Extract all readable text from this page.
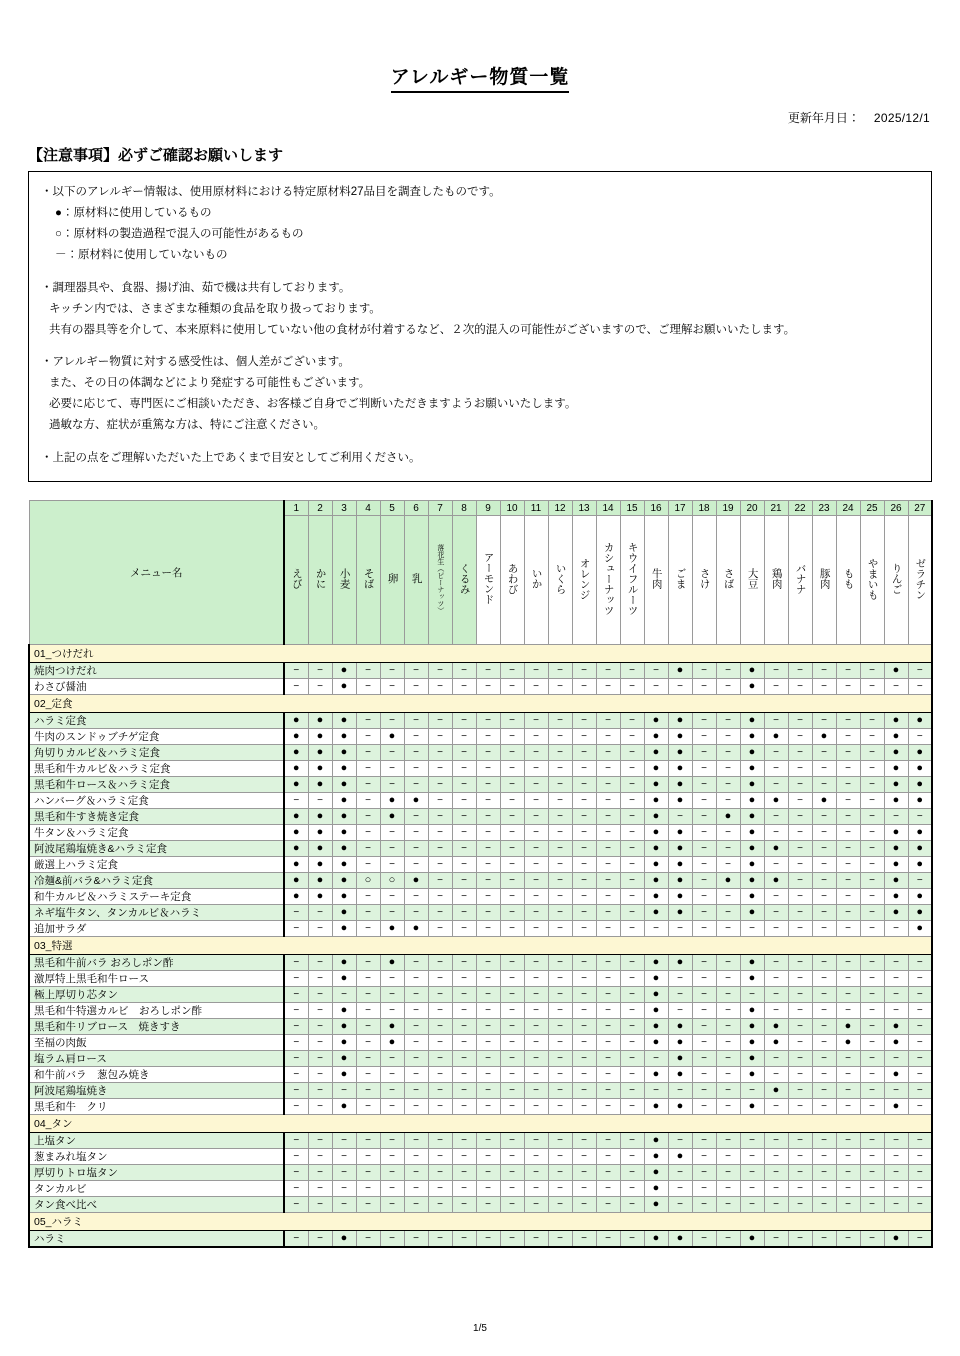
アレルギー物質一覧
更新年月日： 2025/12/1
【注意事項】必ずご確認お願いします
・以下のアレルギー情報は、使用原材料における特定原材料27品目を調査したものです。
●：原材料に使用しているもの
○：原材料の製造過程で混入の可能性があるもの
－：原材料に使用していないもの
・調理器具や、食器、揚げ油、茹で機は共有しております。
キッチン内では、さまざまな種類の食品を取り扱っております。
共有の器具等を介して、本来原料に使用していない他の食材が付着するなど、２次的混入の可能性がございますので、ご理解お願いいたします。
・アレルギー物質に対する感受性は、個人差がございます。
また、その日の体調などにより発症する可能性もございます。
必要に応じて、専門医にご相談いただき、お客様ご自身でご判断いただきますようお願いいたします。
過敏な方、症状が重篤な方は、特にご注意ください。
・上記の点をご理解いただいた上であくまで目安としてご利用ください。
メニュー名	1	2	3	4	5	6	7	8	9	10	11	12	13	14	15	16	17	18	19	20	21	22	23	24	25	26	27
	えび	かに	小麦	そば	卵	乳	落花生（ピーナッツ）	くるみ	アーモンド	あわび	いか	いくら	オレンジ	カシューナッツ	キウイフルーツ	牛肉	ごま	さけ	さば	大豆	鶏肉	バナナ	豚肉	もも	やまいも	りんご	ゼラチン
01_つけだれ																											
焼肉つけだれ	−	−	●	−	−	−	−	−	−	−	−	−	−	−	−	−	●	−	−	●	−	−	−	−	−	●	−
わさび醤油	−	−	●	−	−	−	−	−	−	−	−	−	−	−	−	−	−	−	−	●	−	−	−	−	−	−	−
02_定食																											
ハラミ定食	●	●	●	−	−	−	−	−	−	−	−	−	−	−	−	●	●	−	−	●	−	−	−	−	−	●	●
牛肉のスンドゥブチゲ定食	●	●	●	−	●	−	−	−	−	−	−	−	−	−	−	●	●	−	−	●	●	−	●	−	−	●	−
角切りカルビ＆ハラミ定食	●	●	●	−	−	−	−	−	−	−	−	−	−	−	−	●	●	−	−	●	−	−	−	−	−	●	●
黒毛和牛カルビ＆ハラミ定食	●	●	●	−	−	−	−	−	−	−	−	−	−	−	−	●	●	−	−	●	−	−	−	−	−	●	●
黒毛和牛ロース＆ハラミ定食	●	●	●	−	−	−	−	−	−	−	−	−	−	−	−	●	●	−	−	●	−	−	−	−	−	●	●
ハンバーグ＆ハラミ定食	−	−	●	−	●	●	−	−	−	−	−	−	−	−	−	●	●	−	−	●	●	−	●	−	−	●	●
黒毛和牛すき焼き定食	●	●	●	−	●	−	−	−	−	−	−	−	−	−	−	●	−	−	●	●	−	−	−	−	−	−	−
牛タン＆ハラミ定食	●	●	●	−	−	−	−	−	−	−	−	−	−	−	−	●	●	−	−	●	−	−	−	−	−	●	●
阿波尾鶏塩焼き&ハラミ定食	●	●	●	−	−	−	−	−	−	−	−	−	−	−	−	●	●	−	−	●	●	−	−	−	−	●	●
厳選上ハラミ定食	●	●	●	−	−	−	−	−	−	−	−	−	−	−	−	●	●	−	−	●	−	−	−	−	−	●	●
冷麺&前バラ&ハラミ定食	●	●	●	○	○	●	−	−	−	−	−	−	−	−	−	●	●	−	●	●	●	−	−	−	−	●	−
和牛カルビ＆ハラミステーキ定食	●	●	●	−	−	−	−	−	−	−	−	−	−	−	−	●	●	−	−	●	−	−	−	−	−	●	●
ネギ塩牛タン、タンカルビ＆ハラミ	−	−	●	−	−	−	−	−	−	−	−	−	−	−	−	●	●	−	−	●	−	−	−	−	−	●	●
追加サラダ	−	−	●	−	●	●	−	−	−	−	−	−	−	−	−	−	−	−	−	−	−	−	−	−	−	−	●
03_特選																											
黒毛和牛前バラ おろしポン酢	−	−	●	−	●	−	−	−	−	−	−	−	−	−	−	●	●	−	−	●	−	−	−	−	−	−	−
激厚特上黒毛和牛ロース	−	−	●	−	−	−	−	−	−	−	−	−	−	−	−	●	−	−	−	●	−	−	−	−	−	−	−
極上厚切り芯タン	−	−	−	−	−	−	−	−	−	−	−	−	−	−	−	●	−	−	−	−	−	−	−	−	−	−	−
黒毛和牛特選カルビ　おろしポン酢	−	−	●	−	−	−	−	−	−	−	−	−	−	−	−	●	−	−	−	●	−	−	−	−	−	−	−
黒毛和牛リブロース　焼きすき	−	−	●	−	●	−	−	−	−	−	−	−	−	−	−	●	●	−	−	●	●	−	−	●	−	●	−
至福の肉飯	−	−	●	−	●	−	−	−	−	−	−	−	−	−	−	●	●	−	−	●	●	−	−	●	−	●	−
塩ラム肩ロース	−	−	●	−	−	−	−	−	−	−	−	−	−	−	−	−	●	−	−	●	−	−	−	−	−	−	−
和牛前バラ　葱包み焼き	−	−	●	−	−	−	−	−	−	−	−	−	−	−	−	●	●	−	−	●	−	−	−	−	−	●	−
阿波尾鶏塩焼き	−	−	−	−	−	−	−	−	−	−	−	−	−	−	−	−	−	−	−	−	●	−	−	−	−	−	−
黒毛和牛　クリ	−	−	●	−	−	−	−	−	−	−	−	−	−	−	−	●	●	−	−	●	−	−	−	−	−	●	−
04_タン																											
上塩タン	−	−	−	−	−	−	−	−	−	−	−	−	−	−	−	●	−	−	−	−	−	−	−	−	−	−	−
葱まみれ塩タン	−	−	−	−	−	−	−	−	−	−	−	−	−	−	−	●	●	−	−	−	−	−	−	−	−	−	−
厚切りトロ塩タン	−	−	−	−	−	−	−	−	−	−	−	−	−	−	−	●	−	−	−	−	−	−	−	−	−	−	−
タンカルビ	−	−	−	−	−	−	−	−	−	−	−	−	−	−	−	●	−	−	−	−	−	−	−	−	−	−	−
タン食べ比べ	−	−	−	−	−	−	−	−	−	−	−	−	−	−	−	●	−	−	−	−	−	−	−	−	−	−	−
05_ハラミ																											
ハラミ	−	−	●	−	−	−	−	−	−	−	−	−	−	−	−	●	●	−	−	●	−	−	−	−	−	●	−
1/5
